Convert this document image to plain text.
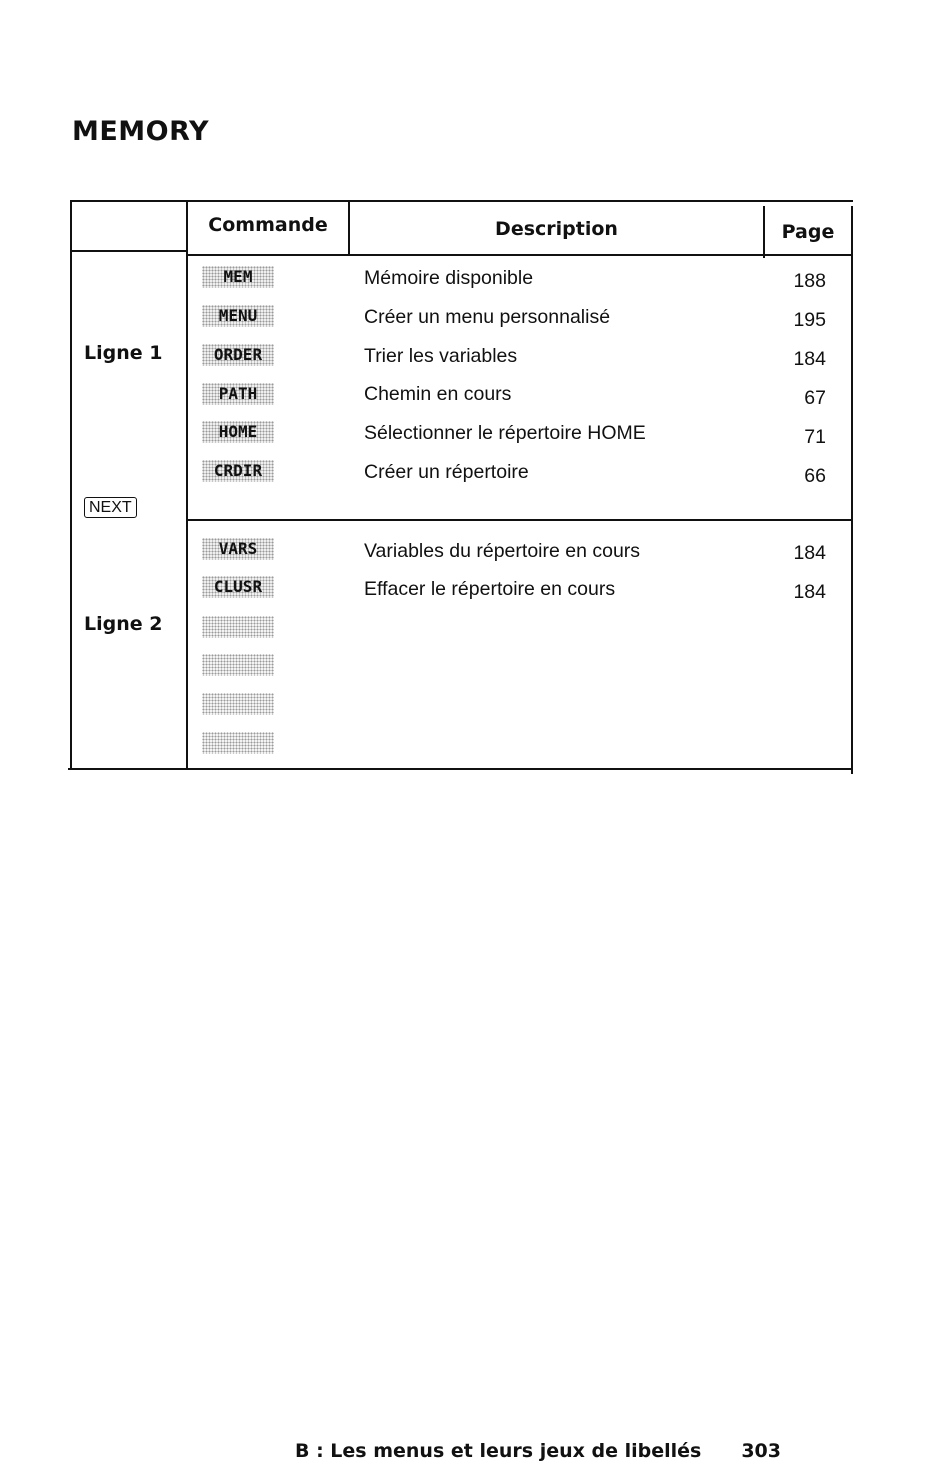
MEMORY
Commande	Description	Page
Ligne 1
NEXT
Ligne 2
MEM	Mémoire disponible	188
MENU	Créer un menu personnalisé	195
ORDER	Trier les variables	184
PATH	Chemin en cours	67
HOME	Sélectionner le répertoire HOME	71
CRDIR	Créer un répertoire	66
VARS	Variables du répertoire en cours	184
CLUSR	Effacer le répertoire en cours	184
B : Les menus et leurs jeux de libellés 303
